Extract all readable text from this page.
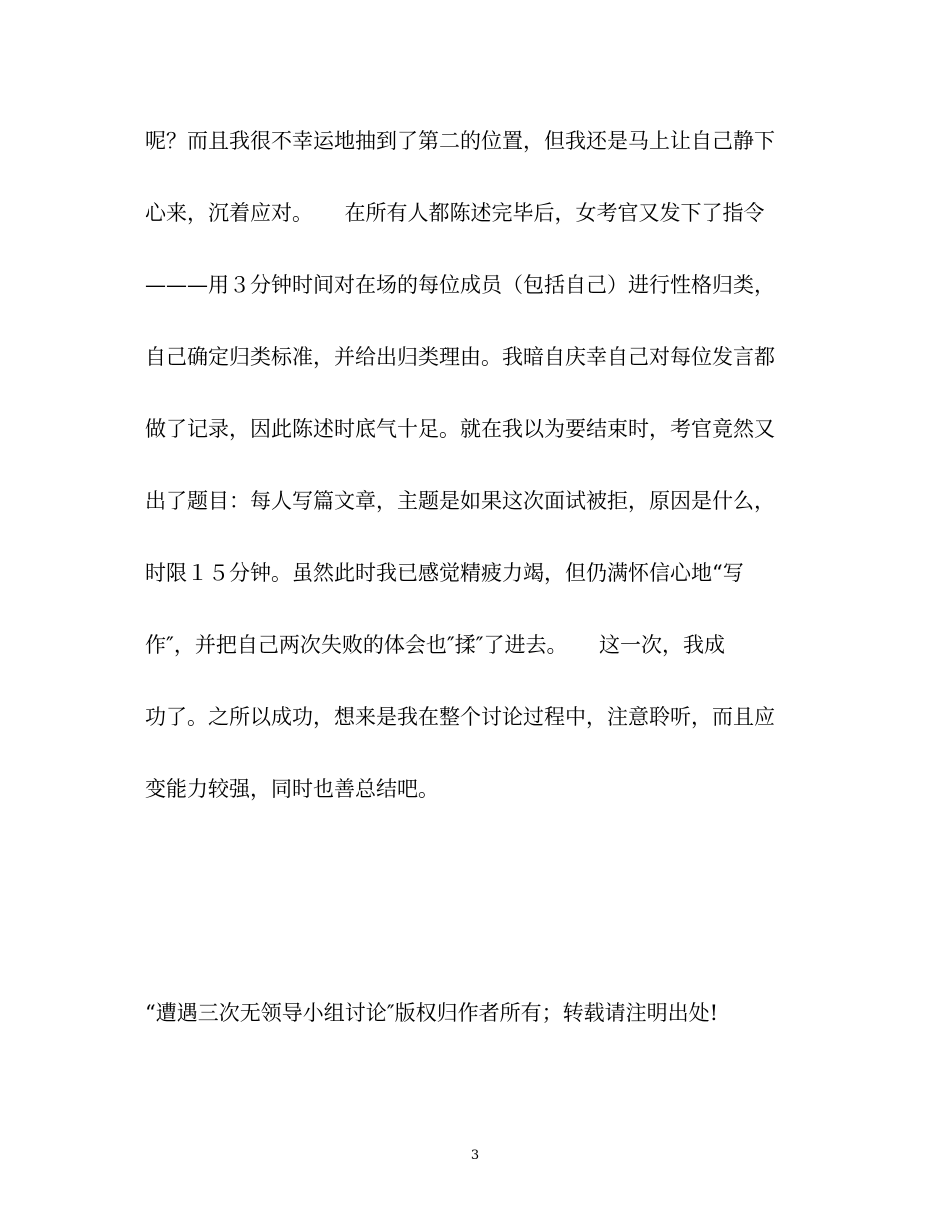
呢？而且我很不幸运地抽到了第二的位置，但我还是马上让自己静下
心来，沉着应对。　　在所有人都陈述完毕后，女考官又发下了指令
———用３分钟时间对在场的每位成员（包括自己）进行性格归类，
自己确定归类标准，并给出归类理由。我暗自庆幸自己对每位发言都
做了记录，因此陈述时底气十足。就在我以为要结束时，考官竟然又
出了题目：每人写篇文章，主题是如果这次面试被拒，原因是什么，
时限１５分钟。虽然此时我已感觉精疲力竭，但仍满怀信心地“写
作″，并把自己两次失败的体会也″揉″了进去。　　这一次，我成
功了。之所以成功，想来是我在整个讨论过程中，注意聆听，而且应
变能力较强，同时也善总结吧。
“遭遇三次无领导小组讨论″版权归作者所有；转载请注明出处!
3
